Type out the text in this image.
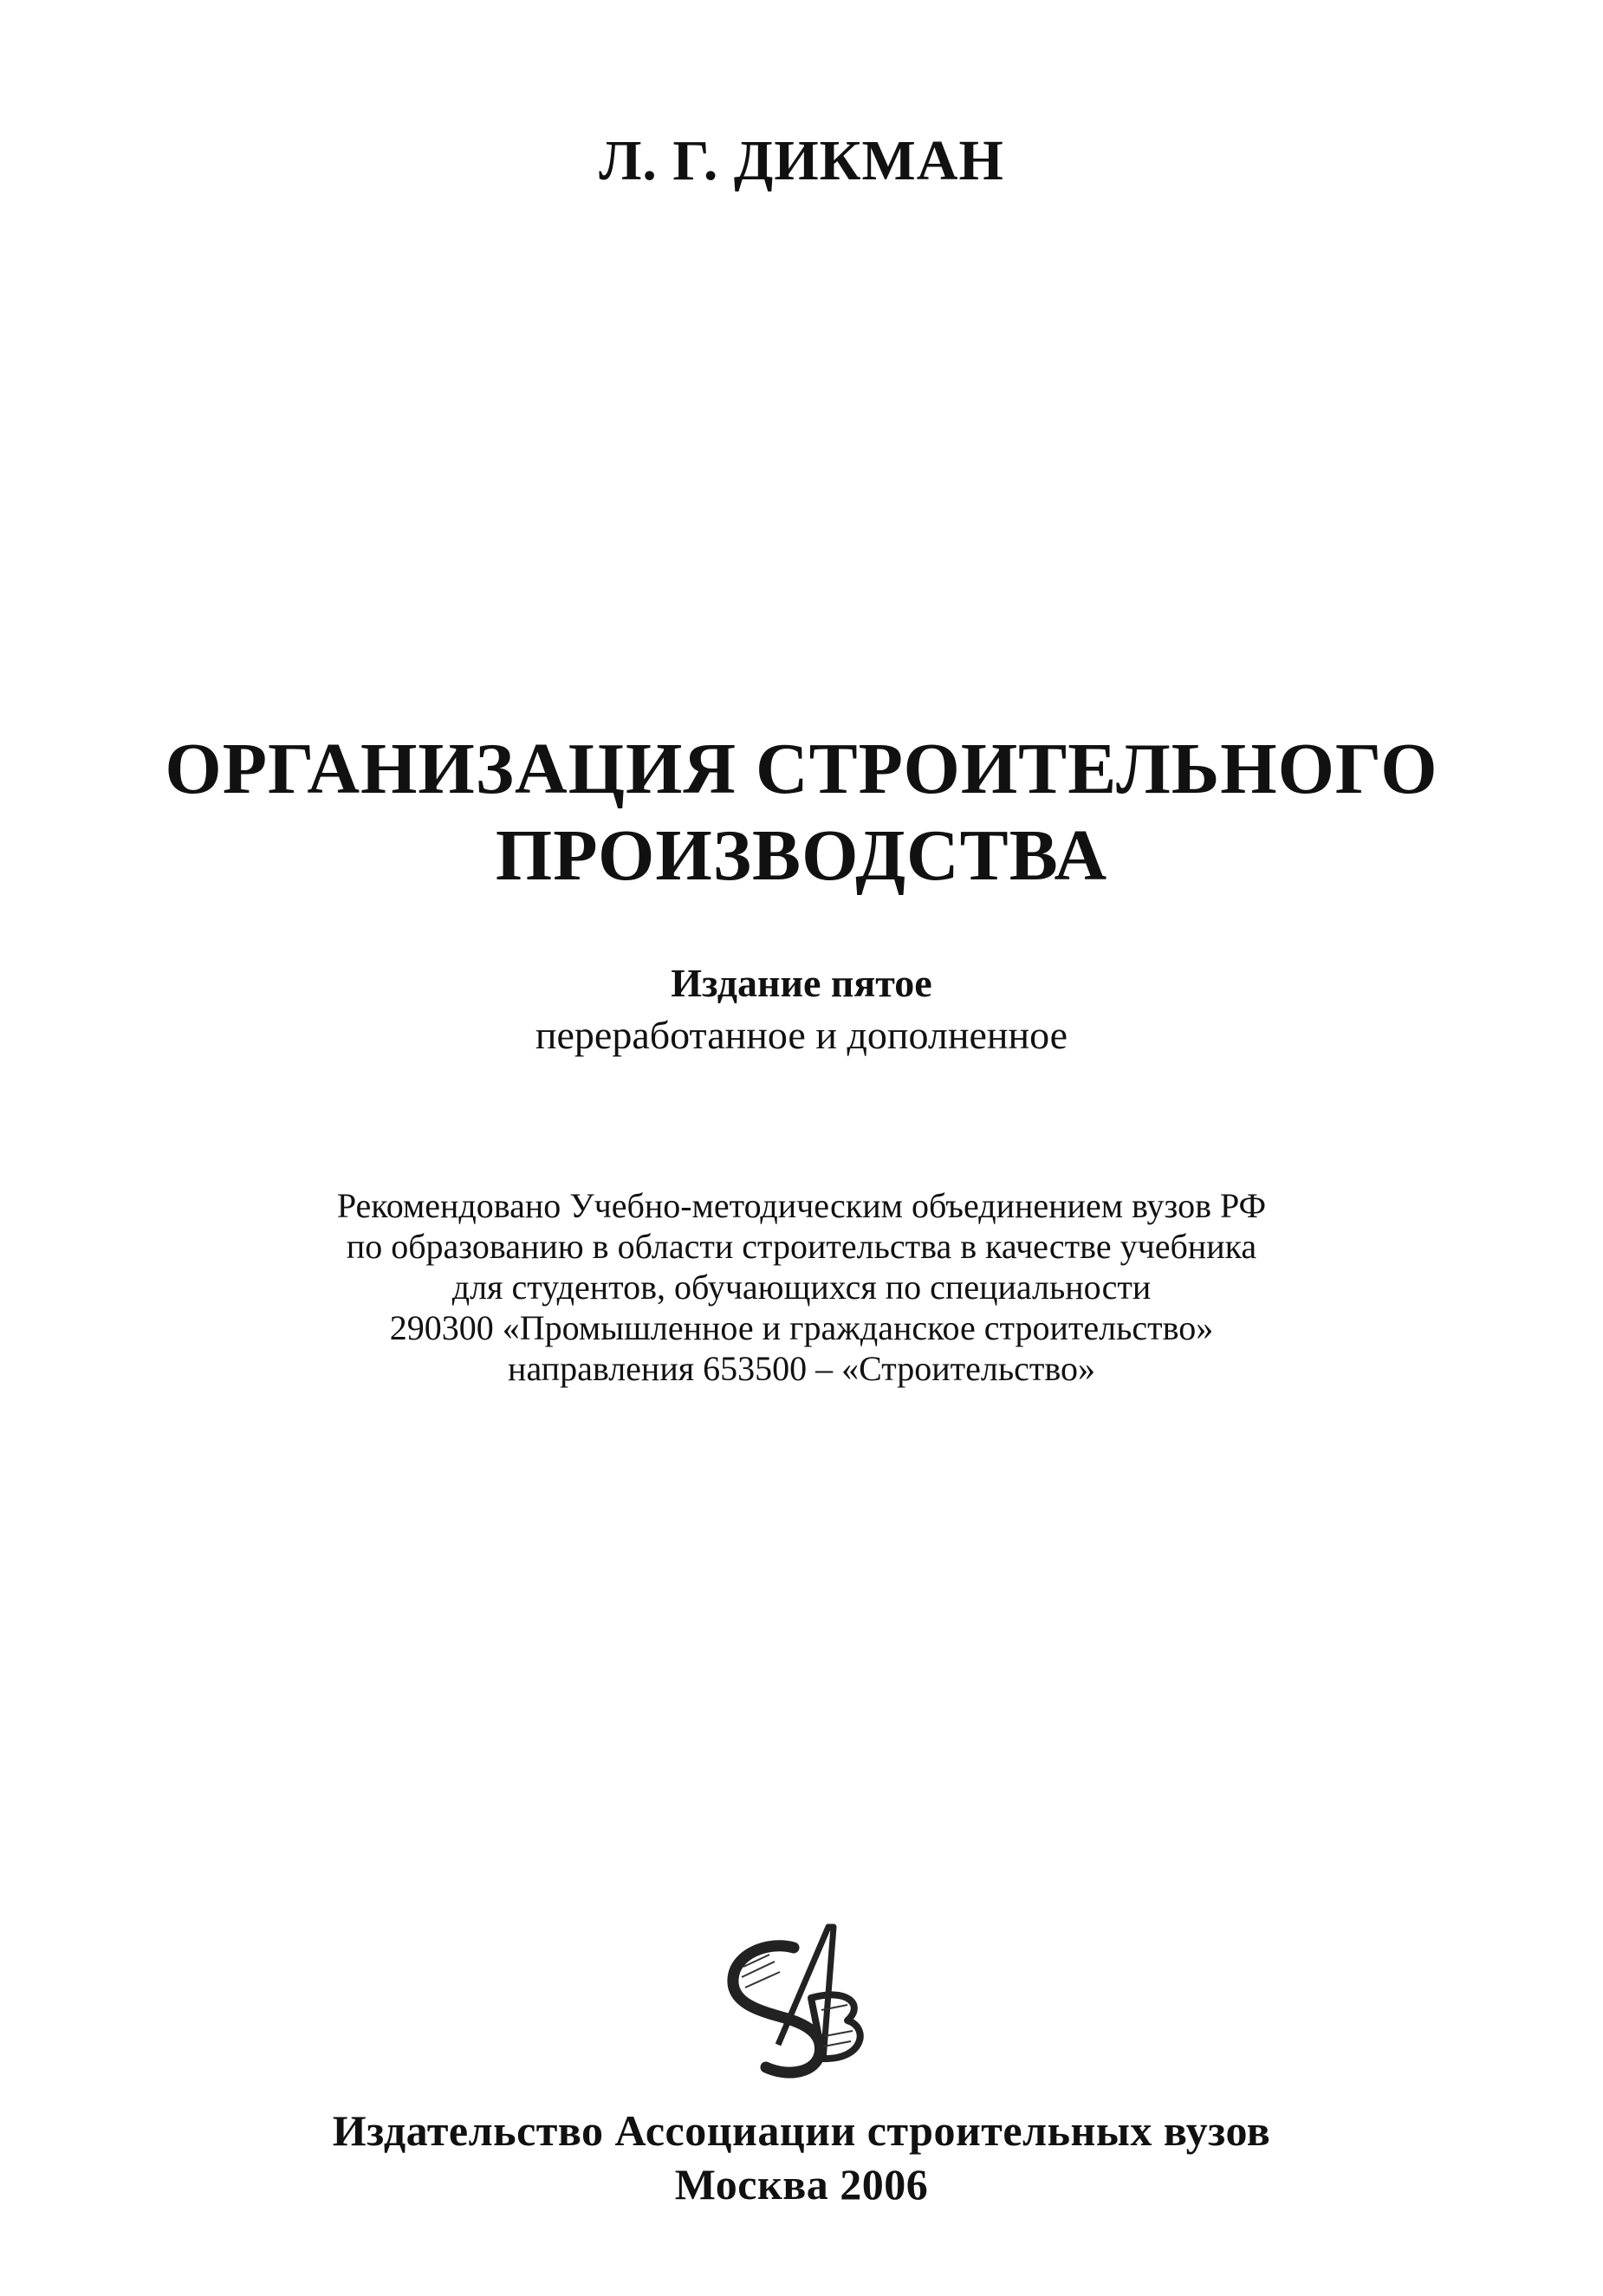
Л. Г. ДИКМАН
ОРГАНИЗАЦИЯ СТРОИТЕЛЬНОГО
ПРОИЗВОДСТВА
Издание пятое
переработанное и дополненное
Рекомендовано Учебно-методическим объединением вузов РФ
по образованию в области строительства в качестве учебника
для студентов, обучающихся по специальности
290300 «Промышленное и гражданское строительство»
направления 653500 – «Строительство»
Издательство Ассоциации строительных вузов
Москва 2006
